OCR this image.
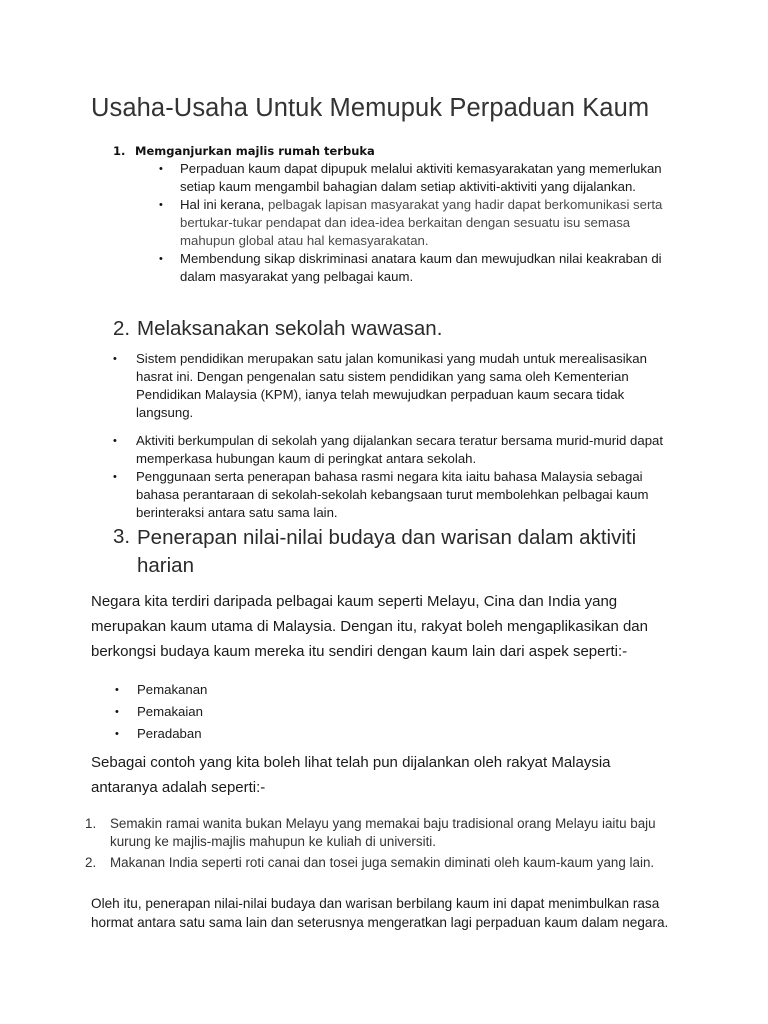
Usaha-Usaha Untuk Memupuk Perpaduan Kaum
1. Memganjurkan majlis rumah terbuka
• Perpaduan kaum dapat dipupuk melalui aktiviti kemasyarakatan yang memerlukan setiap kaum mengambil bahagian dalam setiap aktiviti-aktiviti yang dijalankan.
• Hal ini kerana, pelbagak lapisan masyarakat yang hadir dapat berkomunikasi serta bertukar-tukar pendapat dan idea-idea berkaitan dengan sesuatu isu semasa mahupun global atau hal kemasyarakatan.
• Membendung sikap diskriminasi anatara kaum dan mewujudkan nilai keakraban di dalam masyarakat yang pelbagai kaum.
2. Melaksanakan sekolah wawasan.
• Sistem pendidikan merupakan satu jalan komunikasi yang mudah untuk merealisasikan hasrat ini. Dengan pengenalan satu sistem pendidikan yang sama oleh Kementerian Pendidikan Malaysia (KPM), ianya telah mewujudkan perpaduan kaum secara tidak langsung.
• Aktiviti berkumpulan di sekolah yang dijalankan secara teratur bersama murid-murid dapat memperkasa hubungan kaum di peringkat antara sekolah.
• Penggunaan serta penerapan bahasa rasmi negara kita iaitu bahasa Malaysia sebagai bahasa perantaraan di sekolah-sekolah kebangsaan turut membolehkan pelbagai kaum berinteraksi antara satu sama lain.
3. Penerapan nilai-nilai budaya dan warisan dalam aktiviti harian

Negara kita terdiri daripada pelbagai kaum seperti Melayu, Cina dan India yang merupakan kaum utama di Malaysia. Dengan itu, rakyat boleh mengaplikasikan dan berkongsi budaya kaum mereka itu sendiri dengan kaum lain dari aspek seperti:-

• Pemakanan
• Pemakaian
• Peradaban

Sebagai contoh yang kita boleh lihat telah pun dijalankan oleh rakyat Malaysia antaranya adalah seperti:-

1. Semakin ramai wanita bukan Melayu yang memakai baju tradisional orang Melayu iaitu baju kurung ke majlis-majlis mahupun ke kuliah di universiti.
2. Makanan India seperti roti canai dan tosei juga semakin diminati oleh kaum-kaum yang lain.

Oleh itu, penerapan nilai-nilai budaya dan warisan berbilang kaum ini dapat menimbulkan rasa hormat antara satu sama lain dan seterusnya mengeratkan lagi perpaduan kaum dalam negara.
